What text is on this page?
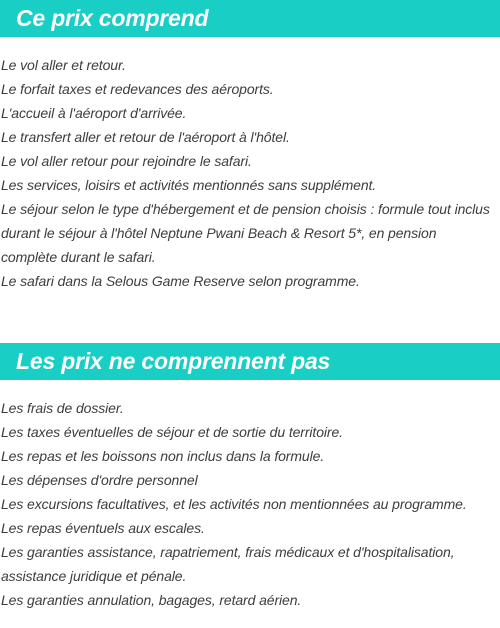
Ce prix comprend
Le vol aller et retour.
Le forfait taxes et redevances des aéroports.
L'accueil à l'aéroport d'arrivée.
Le transfert aller et retour de l'aéroport à l'hôtel.
Le vol aller retour pour rejoindre le safari.
Les services, loisirs et activités mentionnés sans supplément.
Le séjour selon le type d'hébergement et de pension choisis : formule tout inclus
durant le séjour à l'hôtel Neptune Pwani Beach & Resort 5*, en pension
complète durant le safari.
Le safari dans la Selous Game Reserve selon programme.
Les prix ne comprennent pas
Les frais de dossier.
Les taxes éventuelles de séjour et de sortie du territoire.
Les repas et les boissons non inclus dans la formule.
Les dépenses d'ordre personnel
Les excursions facultatives, et les activités non mentionnées au programme.
Les repas éventuels aux escales.
Les garanties assistance, rapatriement, frais médicaux et d'hospitalisation,
assistance juridique et pénale.
Les garanties annulation, bagages, retard aérien.
